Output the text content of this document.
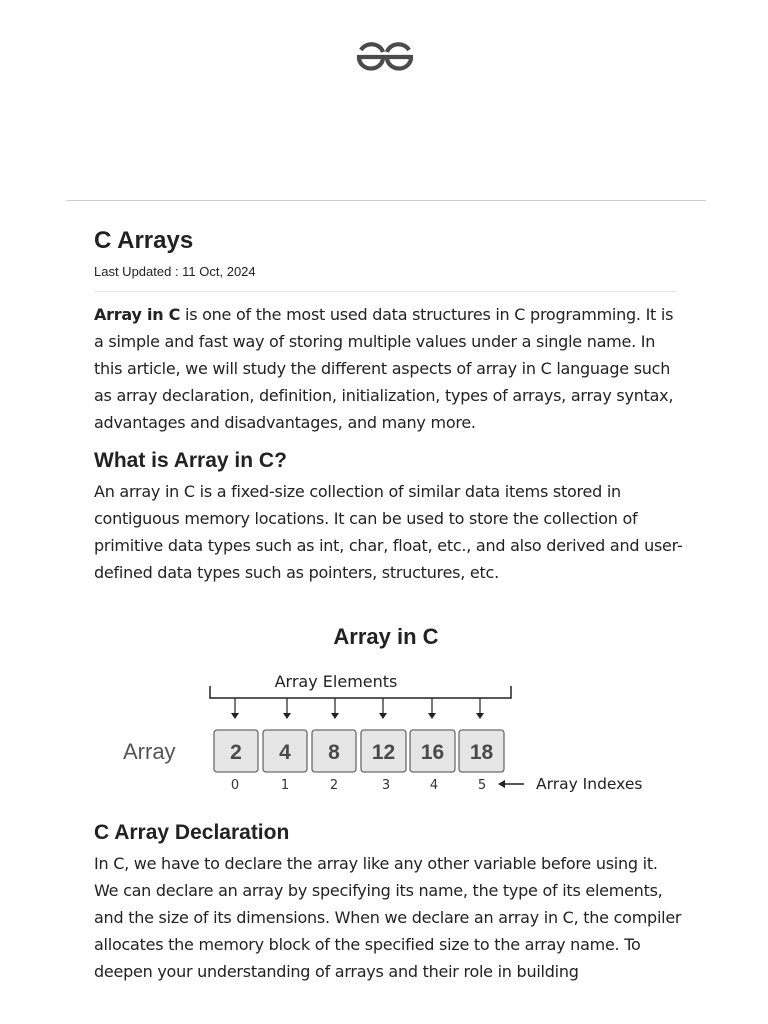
C Arrays
Last Updated : 11 Oct, 2024

Array in C is one of the most used data structures in C programming. It is a simple and fast way of storing multiple values under a single name. In this article, we will study the different aspects of array in C language such as array declaration, definition, initialization, types of arrays, array syntax, advantages and disadvantages, and many more.

What is Array in C?

An array in C is a fixed-size collection of similar data items stored in contiguous memory locations. It can be used to store the collection of primitive data types such as int, char, float, etc., and also derived and user-defined data types such as pointers, structures, etc.

Array in C
Array Elements
Array	2 4 8 12 16 18
0	1	2	3	4	5	Array Indexes
C Array Declaration

In C, we have to declare the array like any other variable before using it. We can declare an array by specifying its name, the type of its elements, and the size of its dimensions. When we declare an array in C, the compiler allocates the memory block of the specified size to the array name. To deepen your understanding of arrays and their role in building
